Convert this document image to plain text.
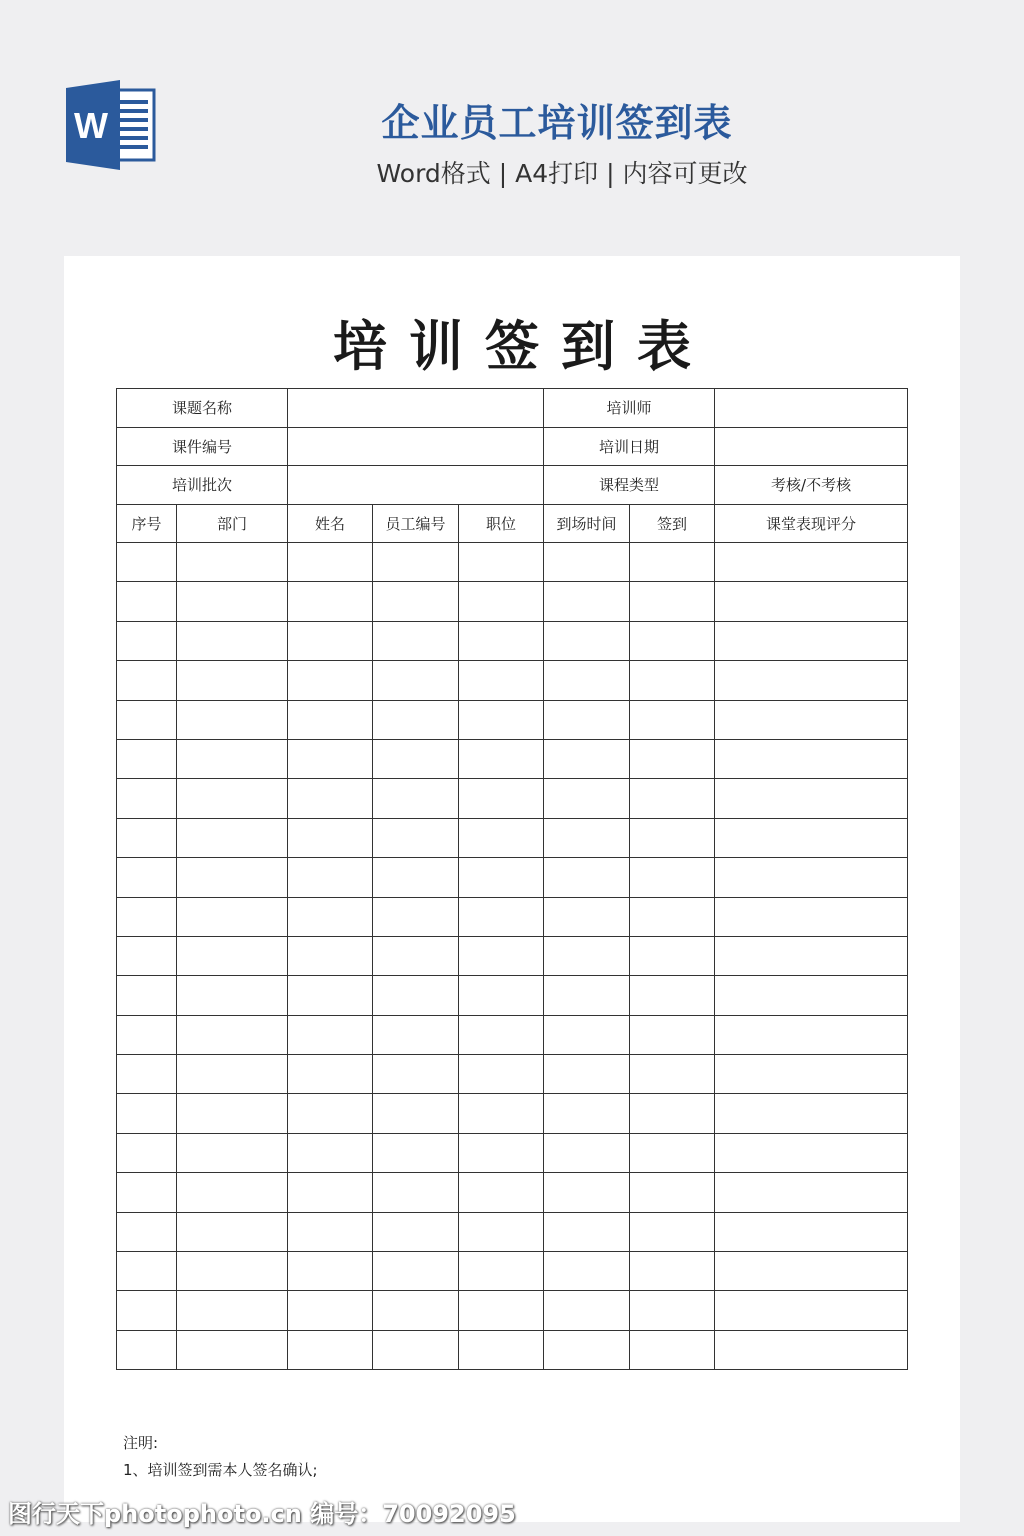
W	企业员工培训签到表
Word格式 | A4打印 | 内容可更改
培训签到表
课题名称					培训师		
课件编号					培训日期		
培训批次					课程类型		考核/不考核
序号	部门	姓名	员工编号	职位	到场时间	签到	课堂表现评分

注明:
1、培训签到需本人签名确认;
图行天下photophoto.cn 编号：70092095
